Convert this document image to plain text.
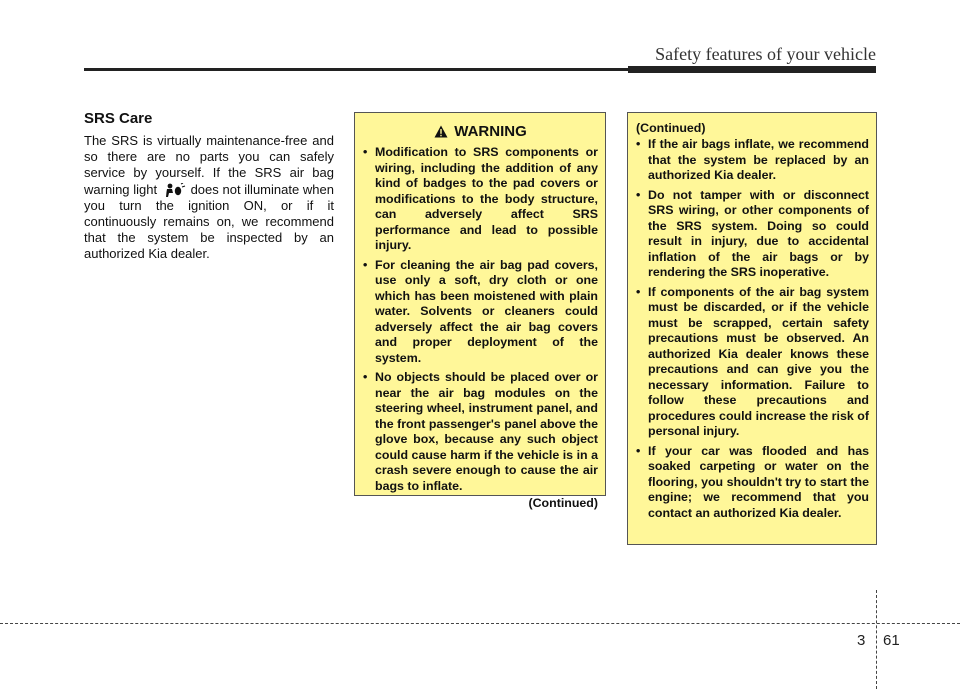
Safety features of your vehicle
SRS Care

The SRS is virtually maintenance-free and so there are no parts you can safely service by yourself. If the SRS air bag warning light	does not illuminate when you turn the ignition ON, or if it continuously remains on, we recommend that the system be inspected by an authorized Kia dealer.

WARNING
• Modification to SRS components or wiring, including the addition of any kind of badges to the pad covers or modifications to the body structure, can adversely affect SRS performance and lead to possible injury.
• For cleaning the air bag pad covers, use only a soft, dry cloth or one which has been moistened with plain water. Solvents or cleaners could adversely affect the air bag covers and proper deployment of the system.
• No objects should be placed over or near the air bag modules on the steering wheel, instrument panel, and the front passenger's panel above the glove box, because any such object could cause harm if the vehicle is in a crash severe enough to cause the air bags to inflate.
(Continued)
(Continued)
• If the air bags inflate, we recommend that the system be replaced by an authorized Kia dealer.
• Do not tamper with or disconnect SRS wiring, or other components of the SRS system. Doing so could result in injury, due to accidental inflation of the air bags or by rendering the SRS inoperative.
• If components of the air bag system must be discarded, or if the vehicle must be scrapped, certain safety precautions must be observed. An authorized Kia dealer knows these precautions and can give you the necessary information. Failure to follow these precautions and procedures could increase the risk of personal injury.
• If your car was flooded and has soaked carpeting or water on the flooring, you shouldn't try to start the engine; we recommend that you contact an authorized Kia dealer.
3 61
